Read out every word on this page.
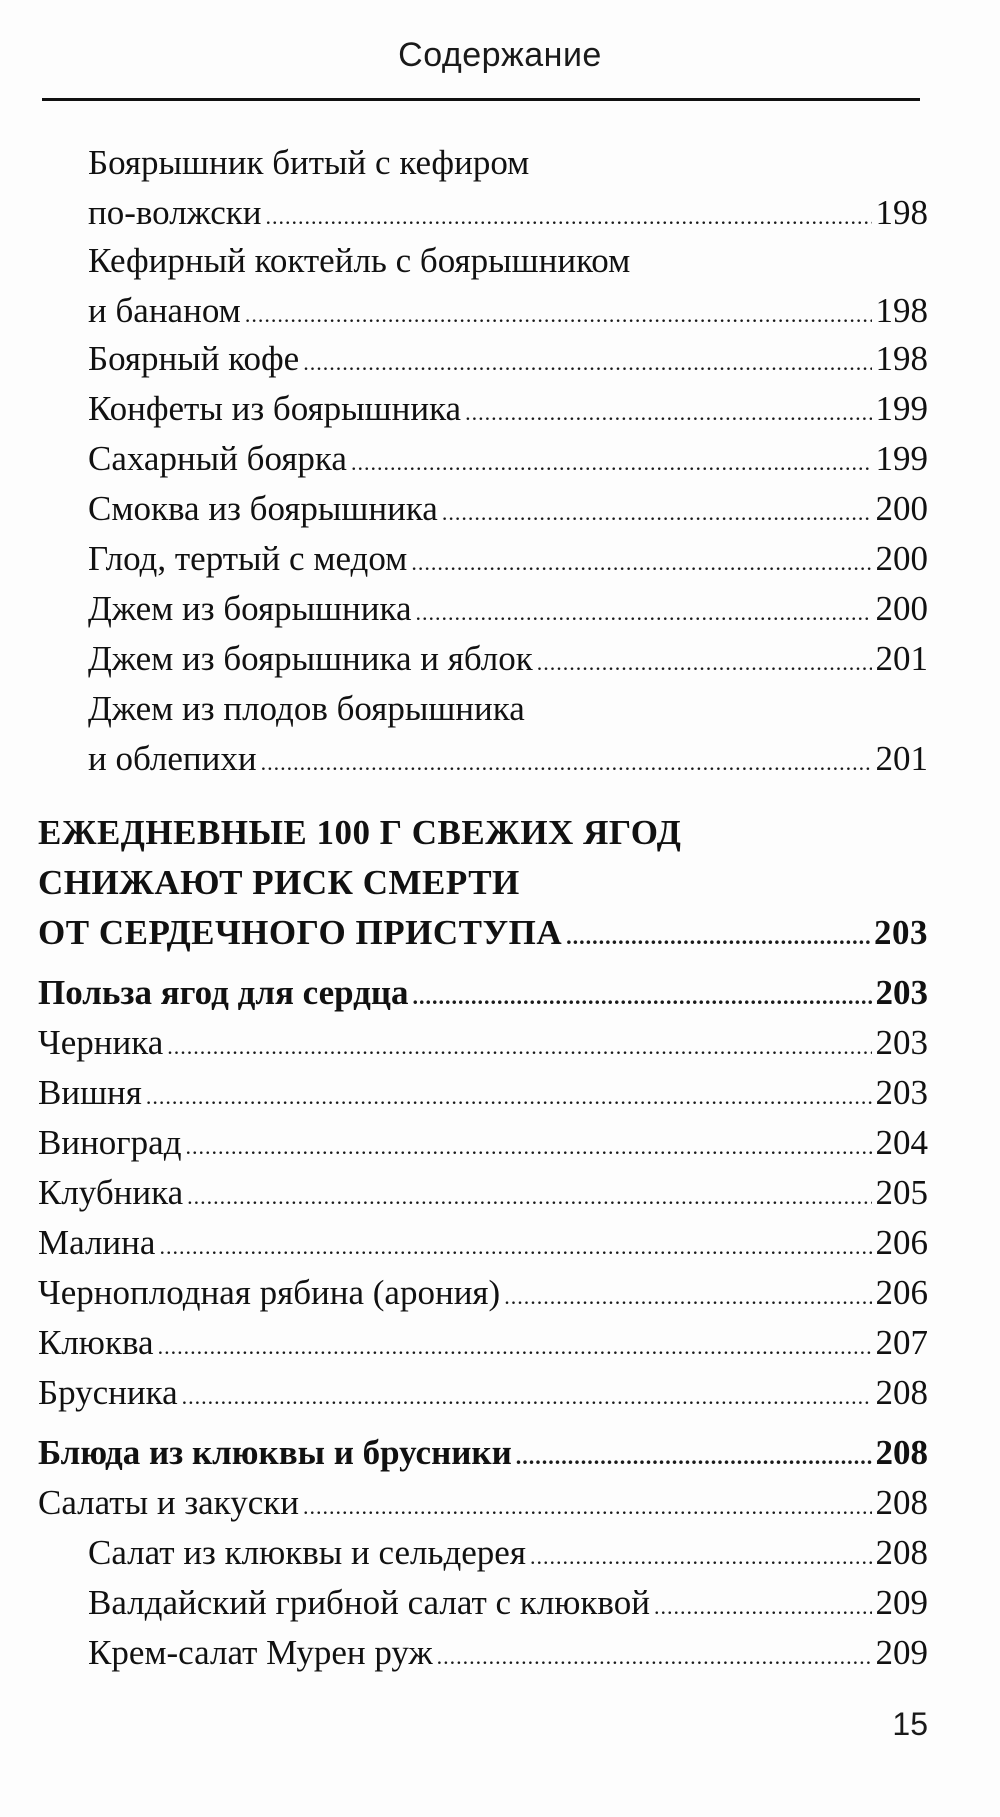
Содержание
Боярышник битый с кефиром
по-волжски .....	198
Кефирный коктейль с боярышником
и бананом .....	198
Боярный кофе .....	198
Конфеты из боярышника .....	199
Сахарный боярка .....	199
Смоква из боярышника .....	200
Глод, тертый с медом .....	200
Джем из боярышника .....	200
Джем из боярышника и яблок .....	201
Джем из плодов боярышника
и облепихи .....	201
ЕЖЕДНЕВНЫЕ 100 Г СВЕЖИХ ЯГОД
СНИЖАЮТ РИСК СМЕРТИ
ОТ СЕРДЕЧНОГО ПРИСТУПА .....	203
Польза ягод для сердца .....	203
Черника .....	203
Вишня .....	203
Виноград .....	204
Клубника .....	205
Малина .....	206
Черноплодная рябина (арония) .....	206
Клюква .....	207
Брусника .....	208
Блюда из клюквы и брусники .....	208
Салаты и закуски .....	208
Салат из клюквы и сельдерея .....	208
Валдайский грибной салат с клюквой .....	209
Крем-салат Мурен руж .....	209
15
